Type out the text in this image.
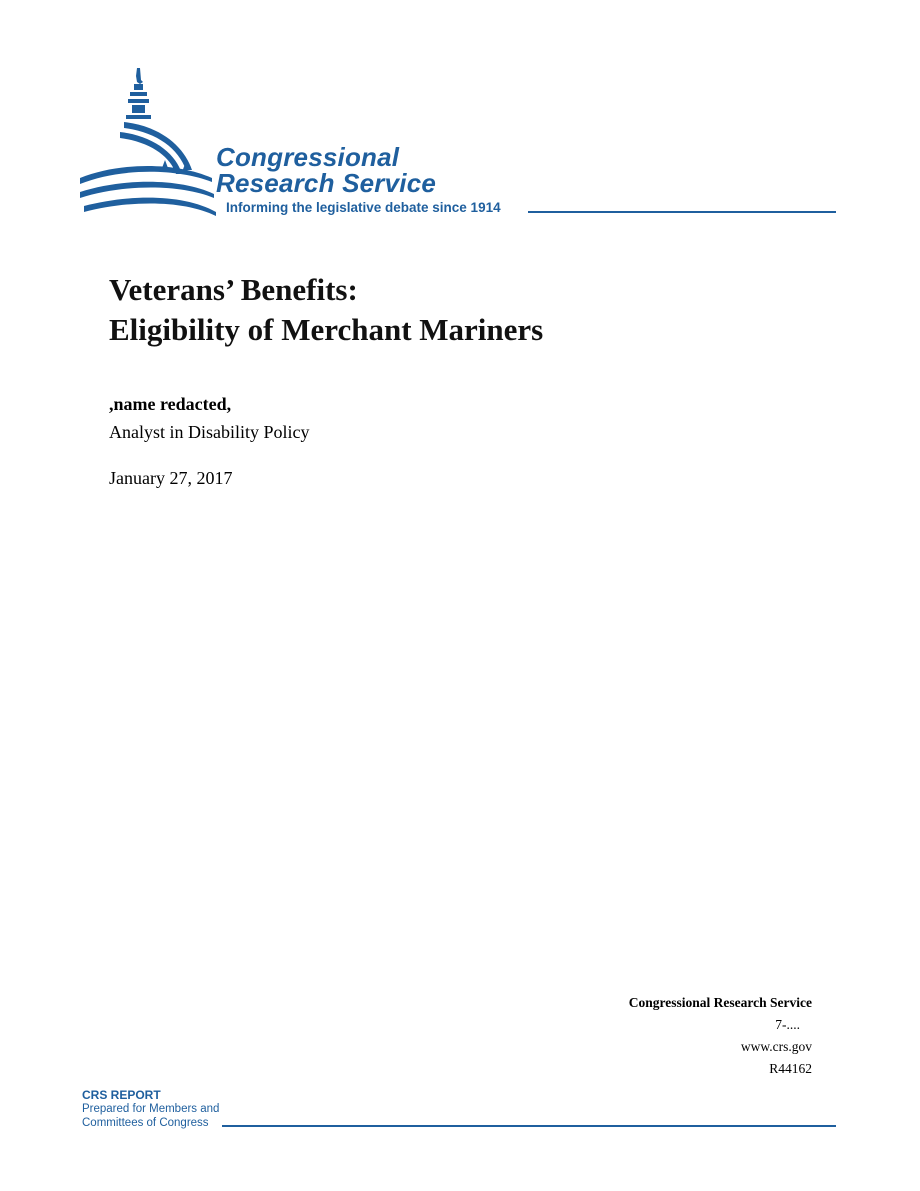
Congressional
Research Service
Informing the legislative debate since 1914
Veterans’ Benefits:
Eligibility of Merchant Mariners
,name redacted,
Analyst in Disability Policy
January 27, 2017
Congressional Research Service
7-....
www.crs.gov
R44162
CRS REPORT
Prepared for Members and
Committees of Congress
